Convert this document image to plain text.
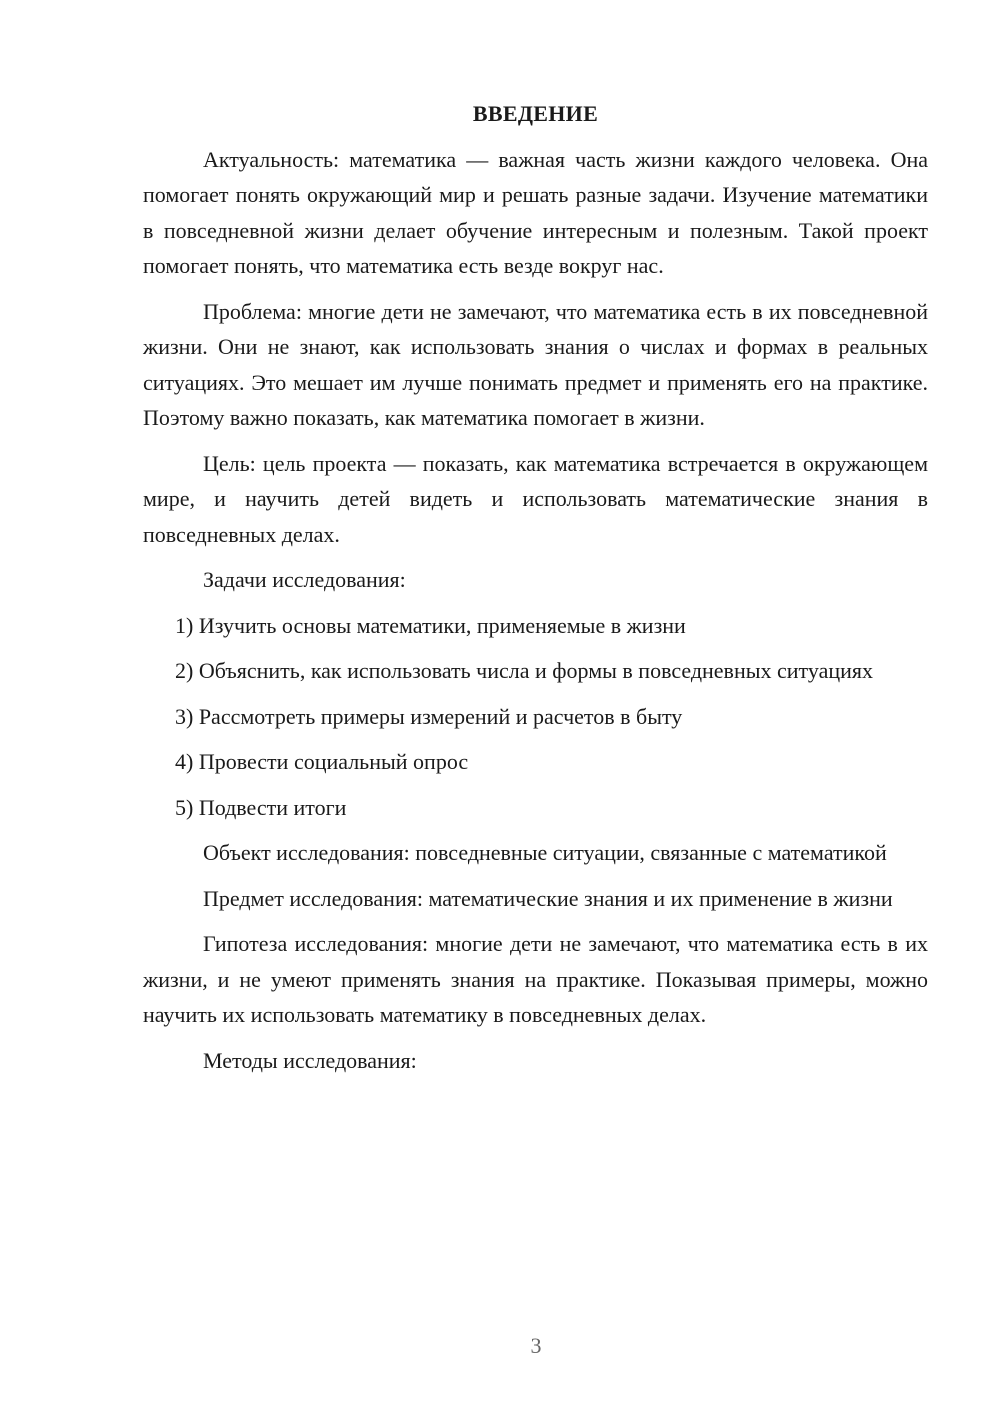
ВВЕДЕНИЕ

Актуальность: математика — важная часть жизни каждого человека. Она помогает понять окружающий мир и решать разные задачи. Изучение математики в повседневной жизни делает обучение интересным и полезным. Такой проект помогает понять, что математика есть везде вокруг нас.

Проблема: многие дети не замечают, что математика есть в их повседневной жизни. Они не знают, как использовать знания о числах и формах в реальных ситуациях. Это мешает им лучше понимать предмет и применять его на практике. Поэтому важно показать, как математика помогает в жизни.

Цель: цель проекта — показать, как математика встречается в окружающем мире, и научить детей видеть и использовать математические знания в повседневных делах.

Задачи исследования:

1) Изучить основы математики, применяемые в жизни

2) Объяснить, как использовать числа и формы в повседневных ситуациях

3) Рассмотреть примеры измерений и расчетов в быту

4) Провести социальный опрос

5) Подвести итоги

Объект исследования: повседневные ситуации, связанные с математикой

Предмет исследования: математические знания и их применение в жизни

Гипотеза исследования: многие дети не замечают, что математика есть в их жизни, и не умеют применять знания на практике. Показывая примеры, можно научить их использовать математику в повседневных делах.

Методы исследования:

3
